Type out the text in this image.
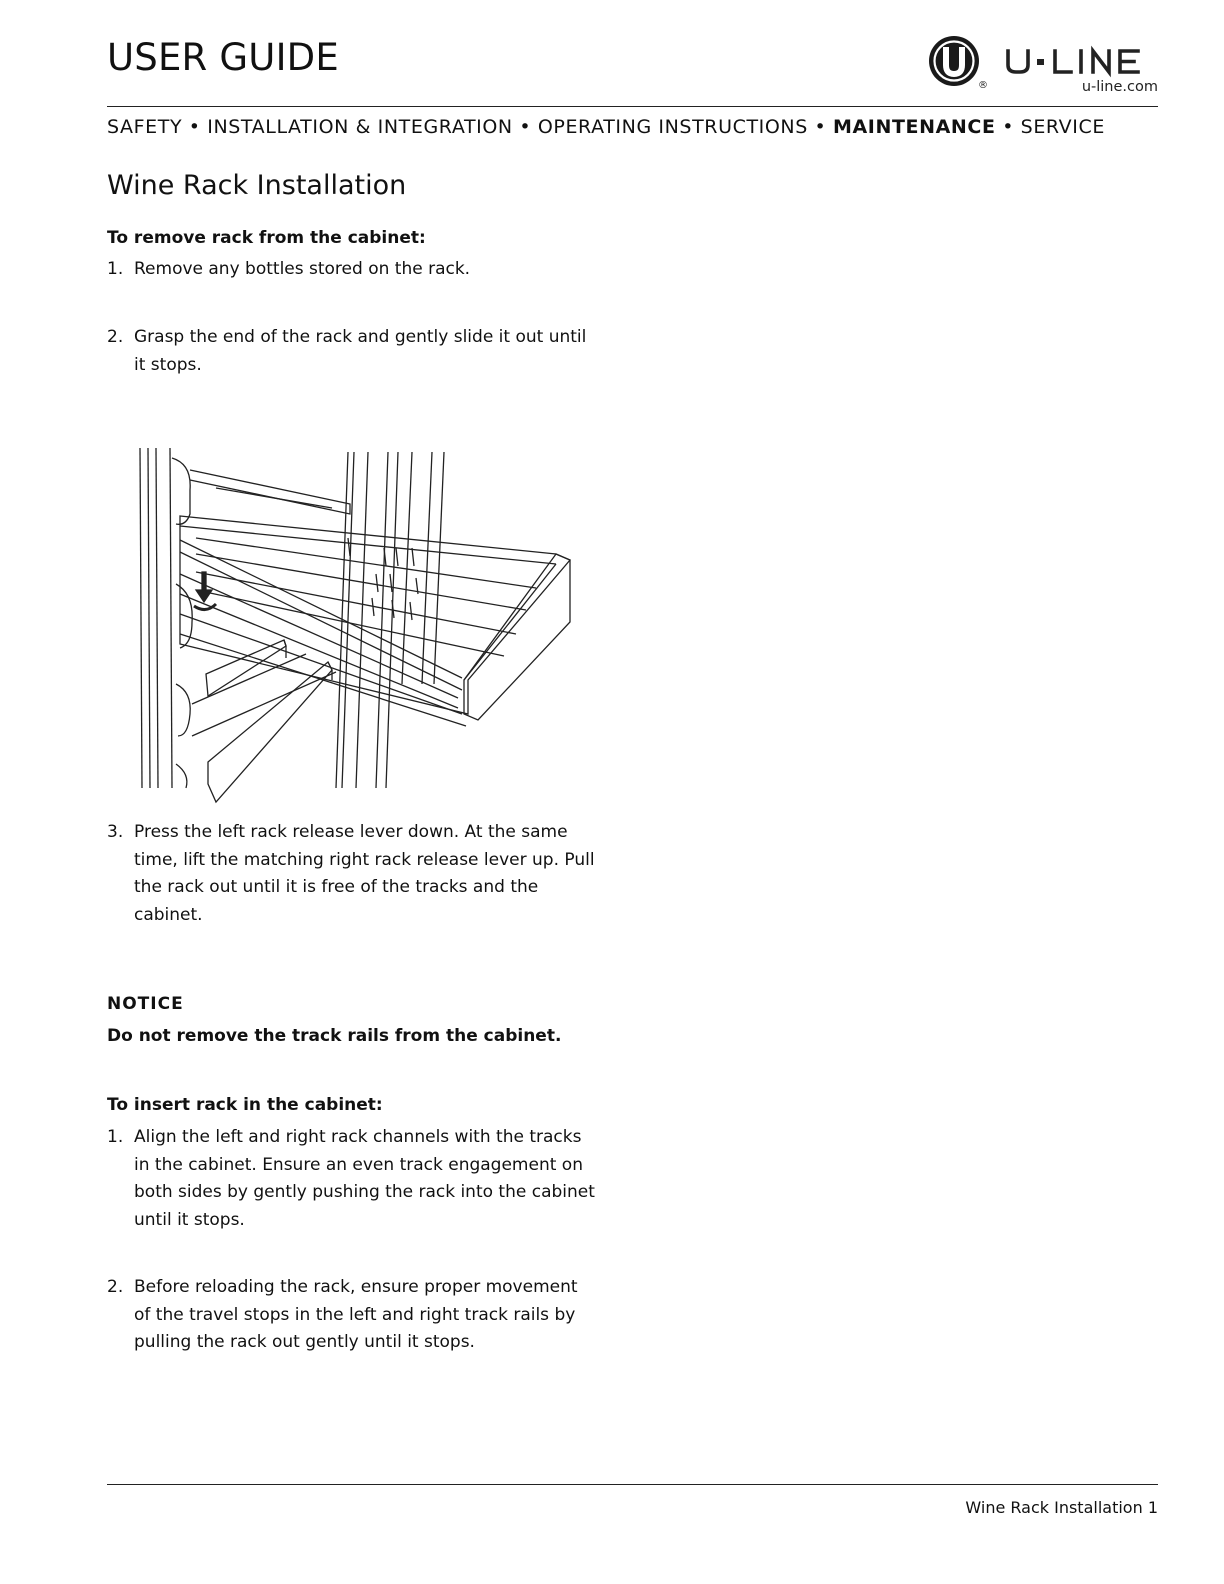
USER GUIDE
®	u-line.com
SAFETY • INSTALLATION & INTEGRATION • OPERATING INSTRUCTIONS • MAINTENANCE • SERVICE
Wine Rack Installation
To remove rack from the cabinet:
1. Remove any bottles stored on the rack.
2. Grasp the end of the rack and gently slide it out until it stops.
3. Press the left rack release lever down. At the same time, lift the matching right rack release lever up. Pull the rack out until it is free of the tracks and the cabinet.
NOTICE
Do not remove the track rails from the cabinet.
To insert rack in the cabinet:
1. Align the left and right rack channels with the tracks in the cabinet. Ensure an even track engagement on both sides by gently pushing the rack into the cabinet until it stops.
2. Before reloading the rack, ensure proper movement of the travel stops in the left and right track rails by pulling the rack out gently until it stops.
Wine Rack Installation 1
